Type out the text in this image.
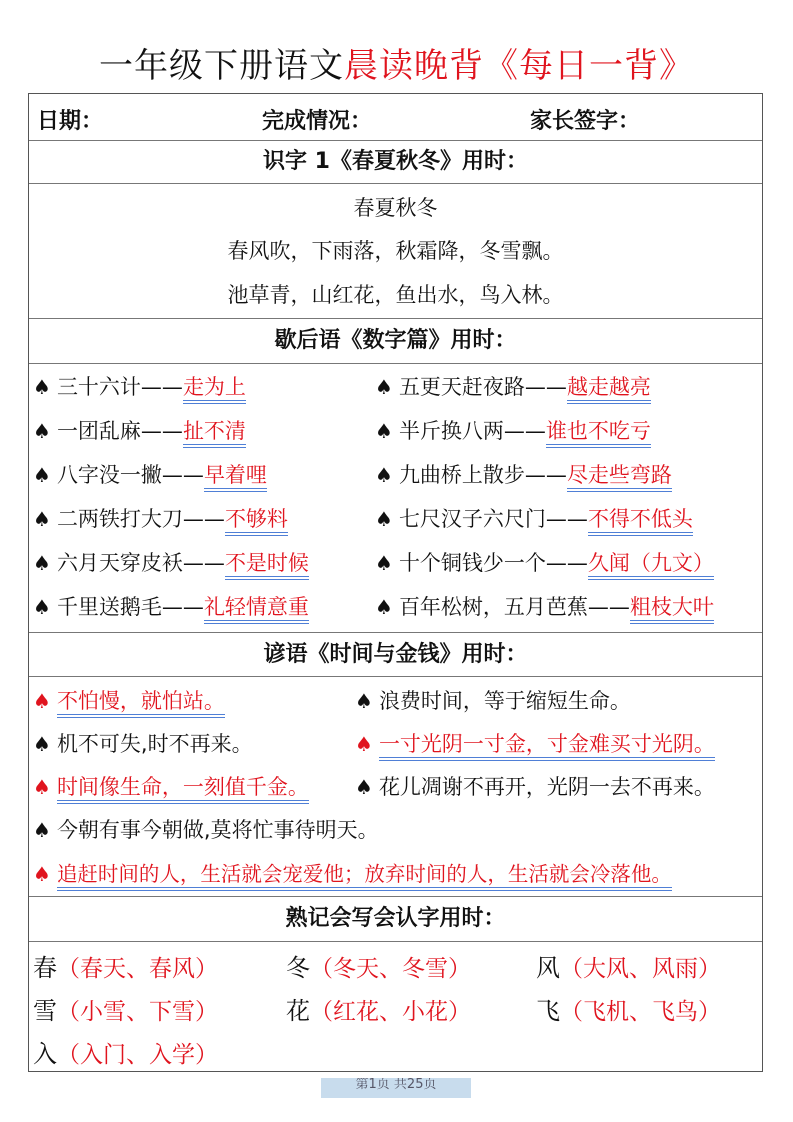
一年级下册语文晨读晚背《每日一背》
日期：	完成情况：	家长签字：
识字 1《春夏秋冬》用时：
春夏秋冬
春风吹，下雨落，秋霜降，冬雪飘。
池草青，山红花，鱼出水，鸟入林。
歇后语《数字篇》用时：
♠ 三十六计——走为上	♠ 五更天赶夜路——越走越亮
♠ 一团乱麻——扯不清	♠ 半斤换八两——谁也不吃亏
♠ 八字没一撇——早着哩	♠ 九曲桥上散步——尽走些弯路
♠ 二两铁打大刀——不够料	♠ 七尺汉子六尺门——不得不低头
♠ 六月天穿皮袄——不是时候	♠ 十个铜钱少一个——久闻（九文）
♠ 千里送鹅毛——礼轻情意重	♠ 百年松树，五月芭蕉——粗枝大叶
谚语《时间与金钱》用时：
♠ 不怕慢，就怕站。	♠ 浪费时间，等于缩短生命。
♠ 机不可失,时不再来。	♠ 一寸光阴一寸金，寸金难买寸光阴。
♠ 时间像生命，一刻值千金。 ♠ 花儿凋谢不再开，光阴一去不再来。
♠ 今朝有事今朝做,莫将忙事待明天。
♠ 追赶时间的人，生活就会宠爱他；放弃时间的人，生活就会冷落他。
熟记会写会认字用时：
春（春天、春风）	冬（冬天、冬雪）	风（大风、风雨）
雪（小雪、下雪）	花（红花、小花）	飞（飞机、飞鸟）
入（入门、入学）
第1页 共25页
